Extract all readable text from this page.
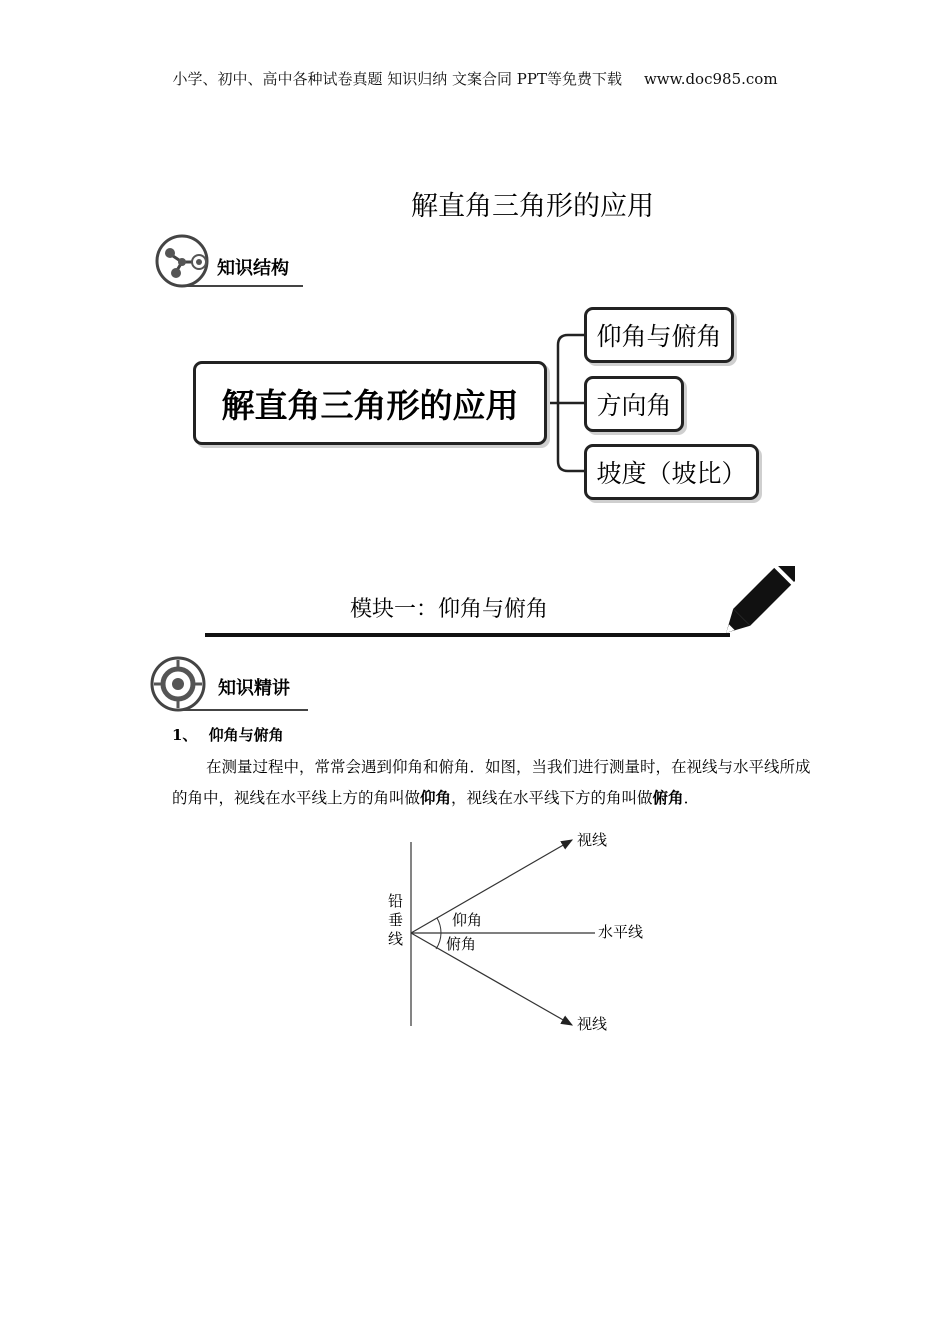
小学、初中、高中各种试卷真题 知识归纳 文案合同 PPT等免费下载 www.doc985.com
解直角三角形的应用
知识结构
解直角三角形的应用
仰角与俯角
方向角
坡度（坡比）
模块一：仰角与俯角
知识精讲
1、 仰角与俯角
在测量过程中，常常会遇到仰角和俯角．如图，当我们进行测量时，在视线与水平线所成的角中，视线在水平线上方的角叫做仰角，视线在水平线下方的角叫做俯角．
视线
视线
水平线
仰角
俯角
铅
垂
线
